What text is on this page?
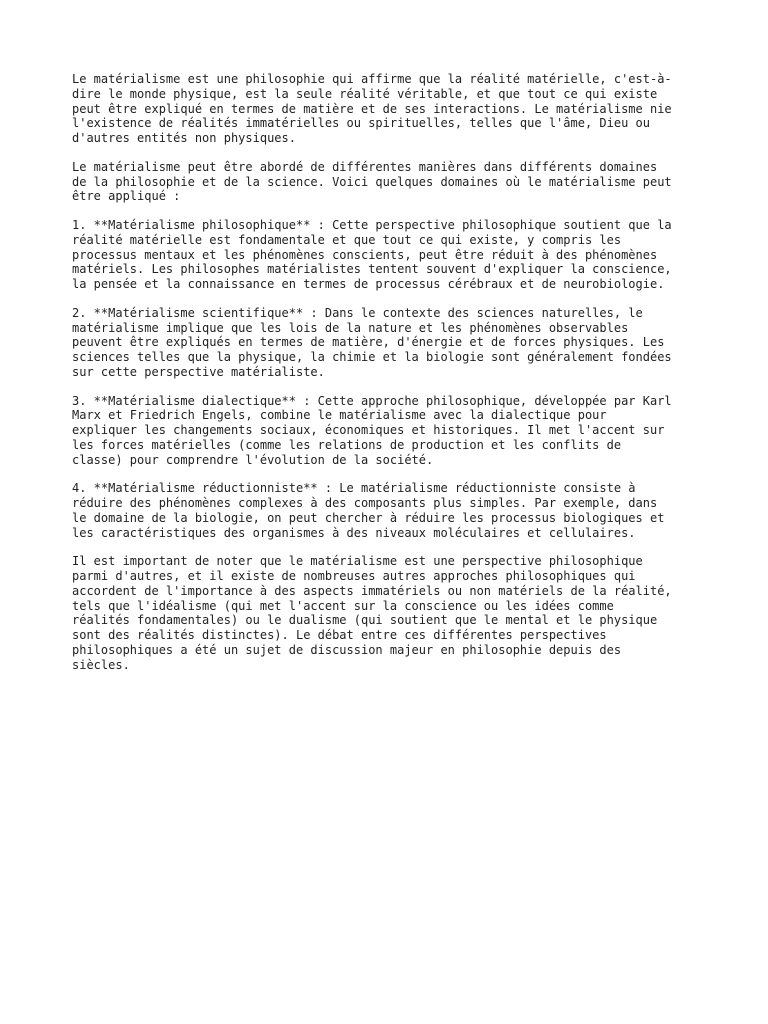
Le matérialisme est une philosophie qui affirme que la réalité matérielle, c'est-à-
dire le monde physique, est la seule réalité véritable, et que tout ce qui existe
peut être expliqué en termes de matière et de ses interactions. Le matérialisme nie
l'existence de réalités immatérielles ou spirituelles, telles que l'âme, Dieu ou
d'autres entités non physiques.

Le matérialisme peut être abordé de différentes manières dans différents domaines
de la philosophie et de la science. Voici quelques domaines où le matérialisme peut
être appliqué :

1. **Matérialisme philosophique** : Cette perspective philosophique soutient que la
réalité matérielle est fondamentale et que tout ce qui existe, y compris les
processus mentaux et les phénomènes conscients, peut être réduit à des phénomènes
matériels. Les philosophes matérialistes tentent souvent d'expliquer la conscience,
la pensée et la connaissance en termes de processus cérébraux et de neurobiologie.

2. **Matérialisme scientifique** : Dans le contexte des sciences naturelles, le
matérialisme implique que les lois de la nature et les phénomènes observables
peuvent être expliqués en termes de matière, d'énergie et de forces physiques. Les
sciences telles que la physique, la chimie et la biologie sont généralement fondées
sur cette perspective matérialiste.

3. **Matérialisme dialectique** : Cette approche philosophique, développée par Karl
Marx et Friedrich Engels, combine le matérialisme avec la dialectique pour
expliquer les changements sociaux, économiques et historiques. Il met l'accent sur
les forces matérielles (comme les relations de production et les conflits de
classe) pour comprendre l'évolution de la société.

4. **Matérialisme réductionniste** : Le matérialisme réductionniste consiste à
réduire des phénomènes complexes à des composants plus simples. Par exemple, dans
le domaine de la biologie, on peut chercher à réduire les processus biologiques et
les caractéristiques des organismes à des niveaux moléculaires et cellulaires.

Il est important de noter que le matérialisme est une perspective philosophique
parmi d'autres, et il existe de nombreuses autres approches philosophiques qui
accordent de l'importance à des aspects immatériels ou non matériels de la réalité,
tels que l'idéalisme (qui met l'accent sur la conscience ou les idées comme
réalités fondamentales) ou le dualisme (qui soutient que le mental et le physique
sont des réalités distinctes). Le débat entre ces différentes perspectives
philosophiques a été un sujet de discussion majeur en philosophie depuis des
siècles.
